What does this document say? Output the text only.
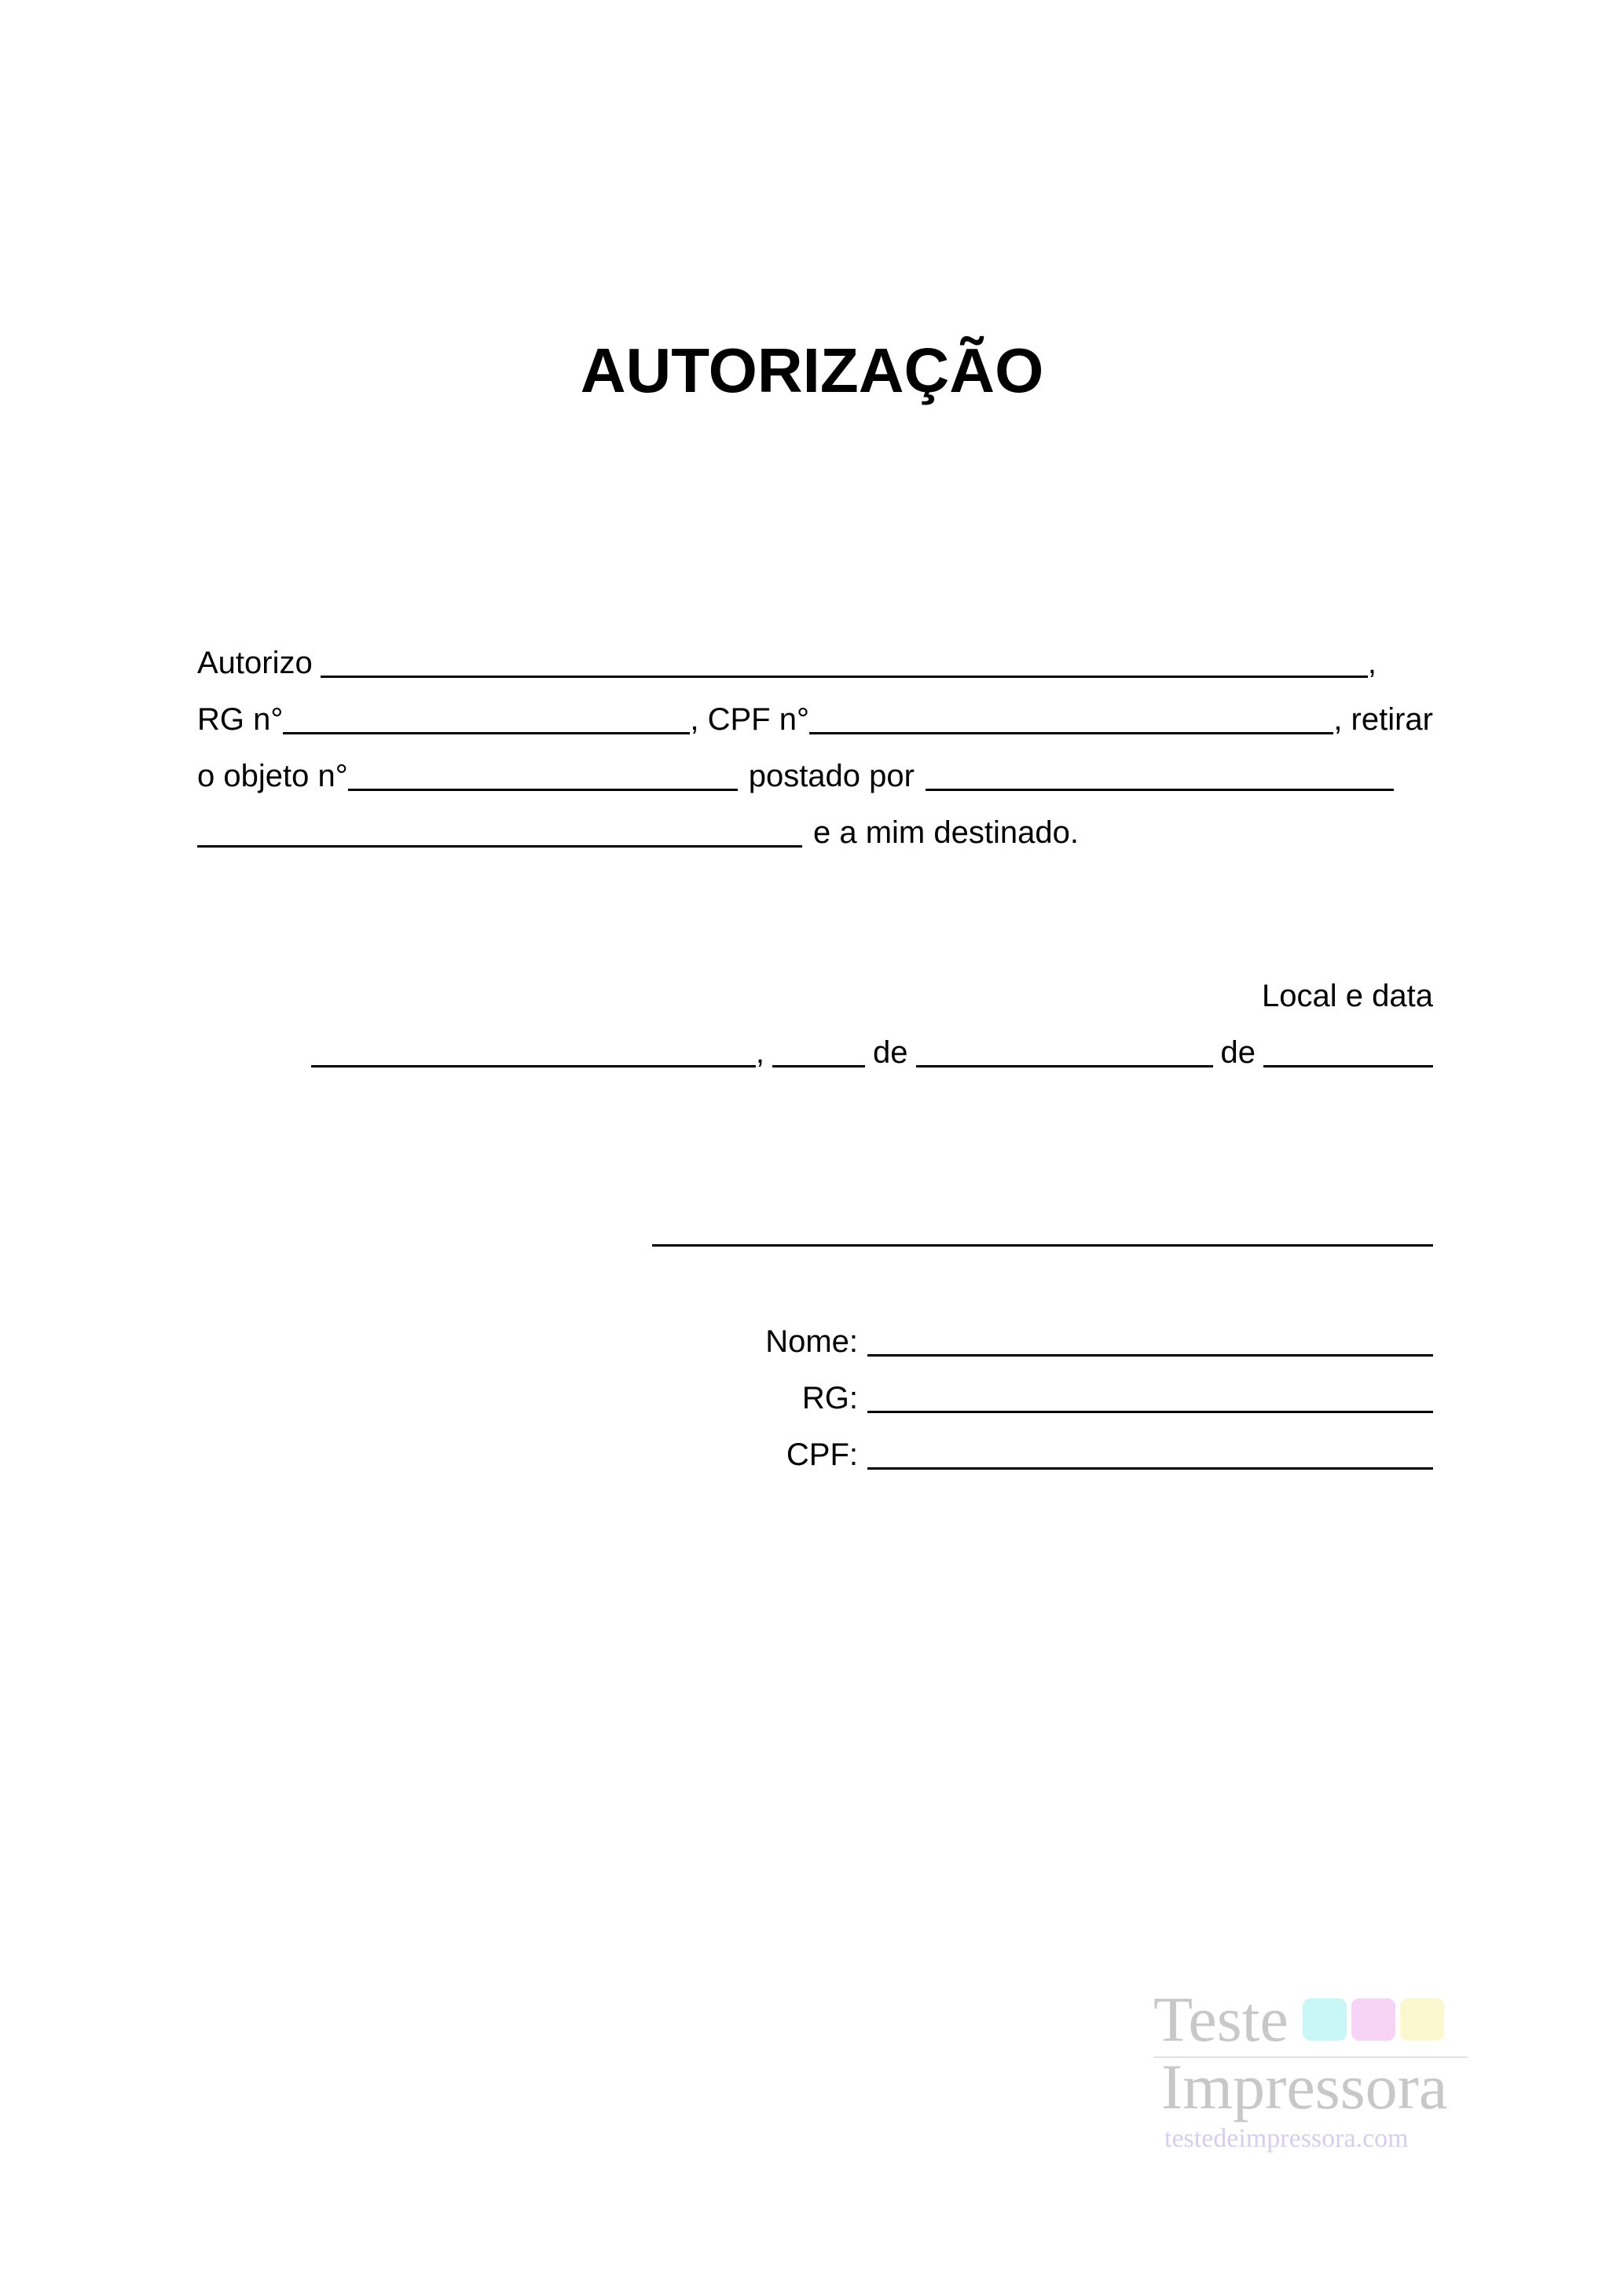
AUTORIZAÇÃO
Autorizo	,
RG n°	, CPF n°	, retirar
o objeto n°	postado por
e a mim destinado.
Local e data
,	de	de
Nome:
RG:
CPF:
Teste
Impressora
testedeimpressora.com
